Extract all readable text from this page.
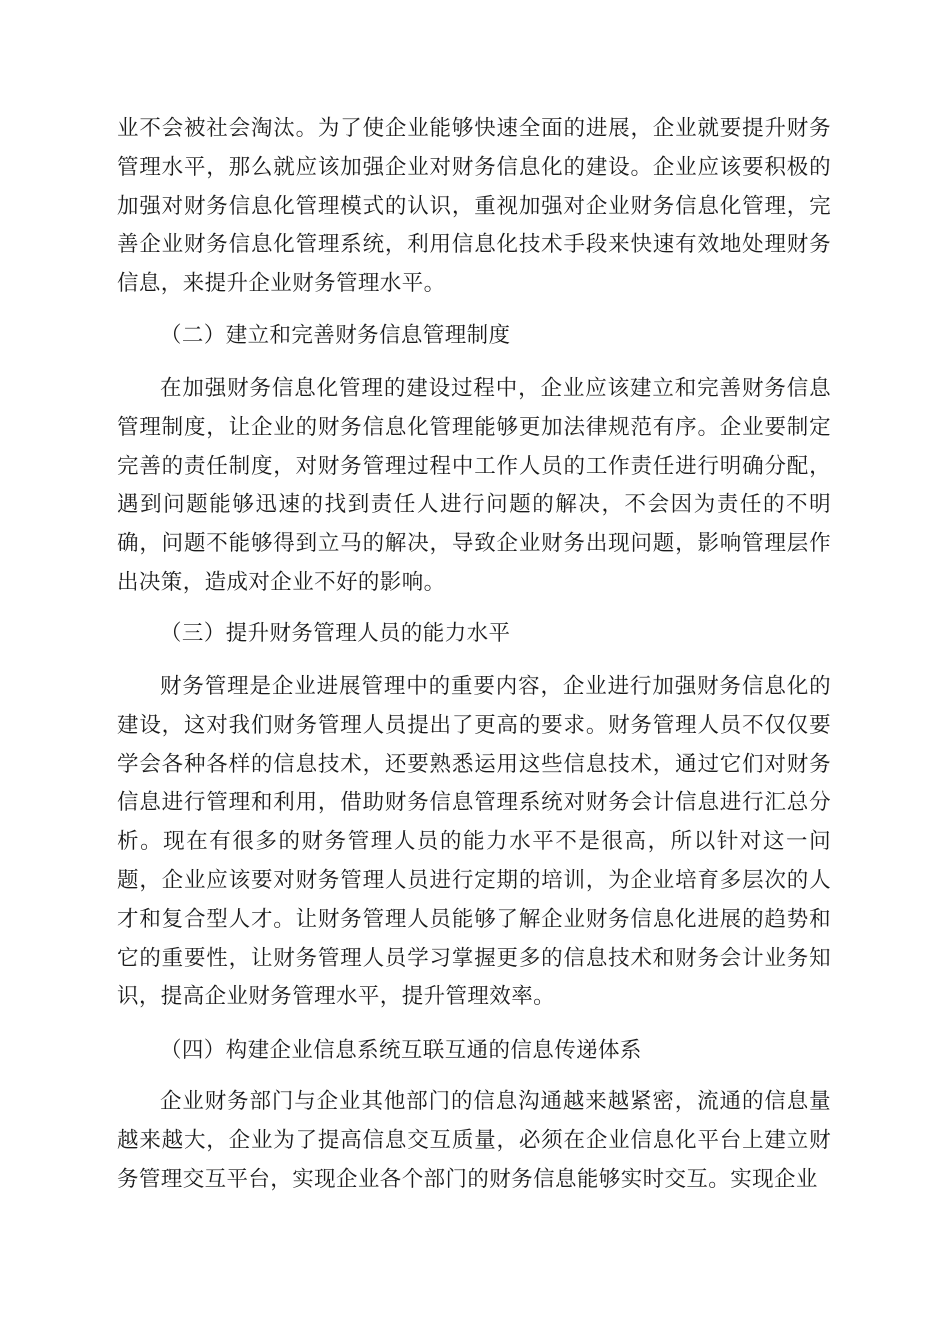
业不会被社会淘汰。为了使企业能够快速全面的进展，企业就要提升财务管理水平，那么就应该加强企业对财务信息化的建设。企业应该要积极的加强对财务信息化管理模式的认识，重视加强对企业财务信息化管理，完善企业财务信息化管理系统，利用信息化技术手段来快速有效地处理财务信息，来提升企业财务管理水平。

（二）建立和完善财务信息管理制度

在加强财务信息化管理的建设过程中，企业应该建立和完善财务信息管理制度，让企业的财务信息化管理能够更加法律规范有序。企业要制定完善的责任制度，对财务管理过程中工作人员的工作责任进行明确分配，遇到问题能够迅速的找到责任人进行问题的解决，不会因为责任的不明确，问题不能够得到立马的解决，导致企业财务出现问题，影响管理层作出决策，造成对企业不好的影响。

（三）提升财务管理人员的能力水平

财务管理是企业进展管理中的重要内容，企业进行加强财务信息化的建设，这对我们财务管理人员提出了更高的要求。财务管理人员不仅仅要学会各种各样的信息技术，还要熟悉运用这些信息技术，通过它们对财务信息进行管理和利用，借助财务信息管理系统对财务会计信息进行汇总分析。现在有很多的财务管理人员的能力水平不是很高，所以针对这一问题，企业应该要对财务管理人员进行定期的培训，为企业培育多层次的人才和复合型人才。让财务管理人员能够了解企业财务信息化进展的趋势和它的重要性，让财务管理人员学习掌握更多的信息技术和财务会计业务知识，提高企业财务管理水平，提升管理效率。

（四）构建企业信息系统互联互通的信息传递体系

企业财务部门与企业其他部门的信息沟通越来越紧密，流通的信息量越来越大，企业为了提高信息交互质量，必须在企业信息化平台上建立财务管理交互平台，实现企业各个部门的财务信息能够实时交互。实现企业
